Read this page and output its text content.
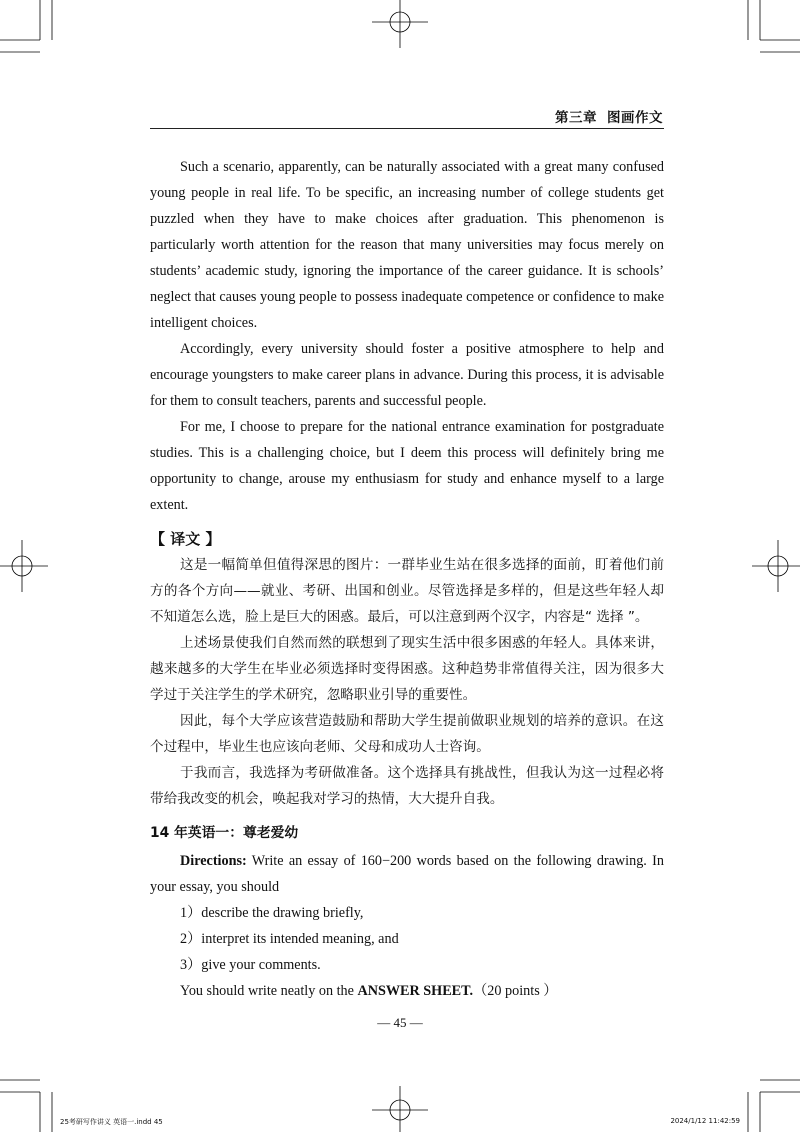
第三章 图画作文

Such a scenario, apparently, can be naturally associated with a great many confused young people in real life. To be specific, an increasing number of college students get puzzled when they have to make choices after graduation. This phenomenon is particularly worth attention for the reason that many universities may focus merely on students’ academic study, ignoring the importance of the career guidance. It is schools’ neglect that causes young people to possess inadequate competence or confidence to make intelligent choices.

Accordingly, every university should foster a positive atmosphere to help and encourage youngsters to make career plans in advance. During this process, it is advisable for them to consult teachers, parents and successful people.

For me, I choose to prepare for the national entrance examination for postgraduate studies. This is a challenging choice, but I deem this process will definitely bring me opportunity to change, arouse my enthusiasm for study and enhance myself to a large extent.

【 译文 】

这是一幅简单但值得深思的图片：一群毕业生站在很多选择的面前，盯着他们前方的各个方向——就业、考研、出国和创业。尽管选择是多样的，但是这些年轻人却不知道怎么选，脸上是巨大的困惑。最后，可以注意到两个汉字，内容是“ 选择 ”。

上述场景使我们自然而然的联想到了现实生活中很多困惑的年轻人。具体来讲，越来越多的大学生在毕业必须选择时变得困惑。这种趋势非常值得关注，因为很多大学过于关注学生的学术研究，忽略职业引导的重要性。

因此，每个大学应该营造鼓励和帮助大学生提前做职业规划的培养的意识。在这个过程中，毕业生也应该向老师、父母和成功人士咨询。

于我而言，我选择为考研做准备。这个选择具有挑战性，但我认为这一过程必将带给我改变的机会，唤起我对学习的热情，大大提升自我。

14 年英语一：尊老爱幼

Directions: Write an essay of 160−200 words based on the following drawing. In your essay, you should

1）describe the drawing briefly,

2）interpret its intended meaning, and

3）give your comments.

You should write neatly on the ANSWER SHEET.（20 points ）

— 45 —
25考研写作讲义 英语一.indd 45	2024/1/12 11:42:59
